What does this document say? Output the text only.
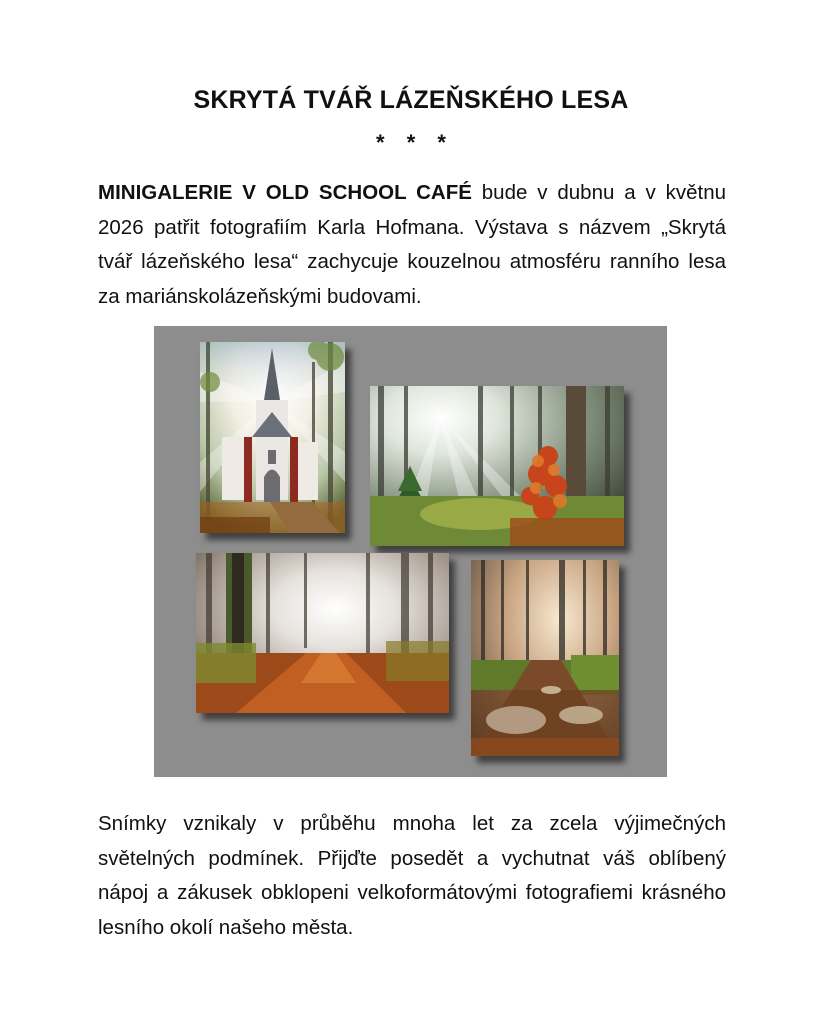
SKRYTÁ TVÁŘ LÁZEŇSKÉHO LESA
* * *
MINIGALERIE V OLD SCHOOL CAFÉ bude v dubnu a v květnu 2026 patřit fotografiím Karla Hofmana. Výstava s názvem „Skrytá tvář lázeňského lesa“ zachycuje kouzelnou atmosféru ranního lesa za mariánskolázeňskými budovami.
Snímky vznikaly v průběhu mnoha let za zcela výjimečných světelných podmínek. Přijďte posedět a vychutnat váš oblíbený nápoj a zákusek obklopeni velkoformátovými fotografiemi krásného lesního okolí našeho města.
